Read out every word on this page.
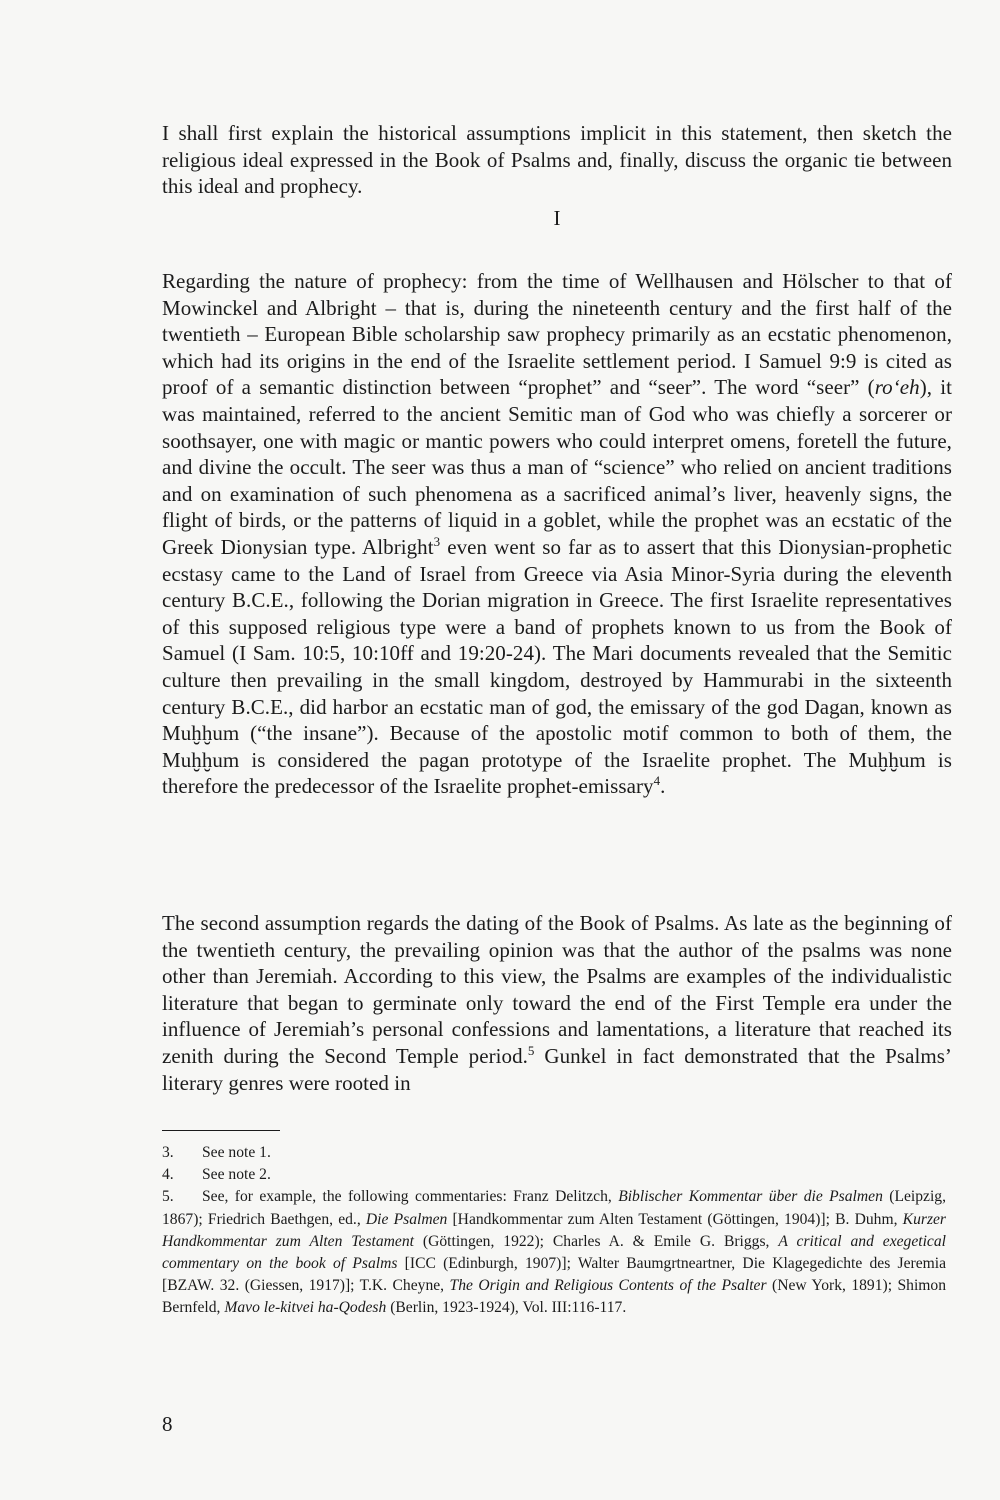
I shall first explain the historical assumptions implicit in this statement, then sketch the religious ideal expressed in the Book of Psalms and, finally, discuss the organic tie between this ideal and prophecy.

I

Regarding the nature of prophecy: from the time of Wellhausen and Hölscher to that of Mowinckel and Albright – that is, during the nineteenth century and the first half of the twentieth – European Bible scholarship saw prophecy primarily as an ecstatic phenomenon, which had its origins in the end of the Israelite settlement period. I Samuel 9:9 is cited as proof of a semantic distinction between “prophet” and “seer”. The word “seer” (ro‘eh), it was maintained, referred to the ancient Semitic man of God who was chiefly a sorcerer or soothsayer, one with magic or mantic powers who could interpret omens, foretell the future, and divine the occult. The seer was thus a man of “science” who relied on ancient traditions and on examination of such phenomena as a sacrificed animal’s liver, heavenly signs, the flight of birds, or the patterns of liquid in a goblet, while the prophet was an ecstatic of the Greek Dionysian type. Albright$^3$ even went so far as to assert that this Dionysian-prophetic ecstasy came to the Land of Israel from Greece via Asia Minor-Syria during the eleventh century B.C.E., following the Dorian migration in Greece. The first Israelite representatives of this supposed religious type were a band of prophets known to us from the Book of Samuel (I Sam. 10:5, 10:10ff and 19:20-24). The Mari documents revealed that the Semitic culture then prevailing in the small kingdom, destroyed by Hammurabi in the sixteenth century B.C.E., did harbor an ecstatic man of god, the emissary of the god Dagan, known as Muḫḫum (“the insane”). Because of the apostolic motif common to both of them, the Muḫḫum is considered the pagan prototype of the Israelite prophet. The Muḫḫum is therefore the predecessor of the Israelite prophet-emissary$^4$.

The second assumption regards the dating of the Book of Psalms. As late as the beginning of the twentieth century, the prevailing opinion was that the author of the psalms was none other than Jeremiah. According to this view, the Psalms are examples of the individualistic literature that began to germinate only toward the end of the First Temple era under the influence of Jeremiah’s personal confessions and lamentations, a literature that reached its zenith during the Second Temple period.$^5$ Gunkel in fact demonstrated that the Psalms’ literary genres were rooted in

3. See note 1.

4. See note 2.

5. See, for example, the following commentaries: Franz Delitzch, Biblischer Kommentar über die Psalmen (Leipzig, 1867); Friedrich Baethgen, ed., Die Psalmen [Handkommentar zum Alten Testament (Göttingen, 1904)]; B. Duhm, Kurzer Handkommentar zum Alten Testament (Göttingen, 1922); Charles A. & Emile G. Briggs, A critical and exegetical commentary on the book of Psalms [ICC (Edinburgh, 1907)]; Walter Baumgrtneartner, Die Klagegedichte des Jeremia [BZAW. 32. (Giessen, 1917)]; T.K. Cheyne, The Origin and Religious Contents of the Psalter (New York, 1891); Shimon Bernfeld, Mavo le-kitvei ha-Qodesh (Berlin, 1923-1924), Vol. III:116-117.

8
